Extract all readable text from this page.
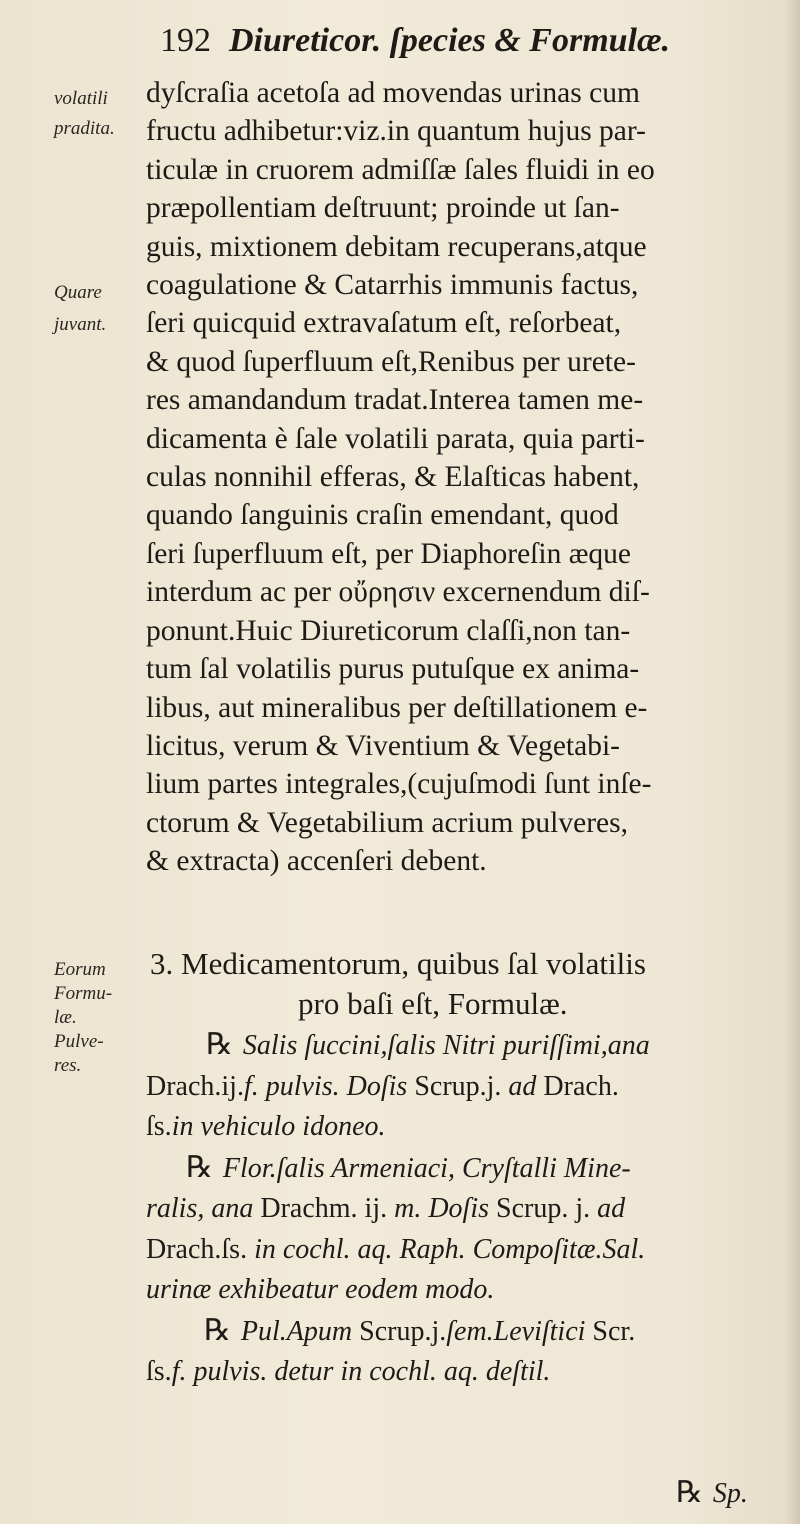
192 Diureticor. ſpecies & Formulæ.
volatili
pradita.
Quare
juvant.
Eorum
Formu-
læ.
Pulve-
res.
dyſcraſia acetoſa ad movendas urinas cum
fructu adhibetur:viz.in quantum hujus par-
ticulæ in cruorem admiſſæ ſales fluidi in eo
præpollentiam deſtruunt; proinde ut ſan-
guis, mixtionem debitam recuperans,atque
coagulatione & Catarrhis immunis factus,
ſeri quicquid extravaſatum eſt, reſorbeat,
& quod ſuperfluum eſt,Renibus per urete-
res amandandum tradat.Interea tamen me-
dicamenta è ſale volatili parata, quia parti-
culas nonnihil efferas, & Elaſticas habent,
quando ſanguinis craſin emendant, quod
ſeri ſuperfluum eſt, per Diaphoreſin æque
interdum ac per οὔρησιν excernendum diſ-
ponunt.Huic Diureticorum claſſi,non tan-
tum ſal volatilis purus putuſque ex anima-
libus, aut mineralibus per deſtillationem e-
licitus, verum & Viventium & Vegetabi-
lium partes integrales,(cujuſmodi ſunt inſe-
ctorum & Vegetabilium acrium pulveres,
& extracta) accenſeri debent.
3. Medicamentorum, quibus ſal volatilis
pro baſi eſt, Formulæ.
℞ Salis ſuccini,ſalis Nitri puriſſimi,ana
Drach.ij.f. pulvis. Doſis Scrup.j. ad Drach.
ſs.in vehiculo idoneo.
℞ Flor.ſalis Armeniaci, Cryſtalli Mine-
ralis, ana Drachm. ij. m. Doſis Scrup. j. ad
Drach.ſs. in cochl. aq. Raph. Compoſitæ.Sal.
urinæ exhibeatur eodem modo.
℞ Pul.Apum Scrup.j.ſem.Leviſtici Scr.
ſs.f. pulvis. detur in cochl. aq. deſtil.
℞ Sp.
